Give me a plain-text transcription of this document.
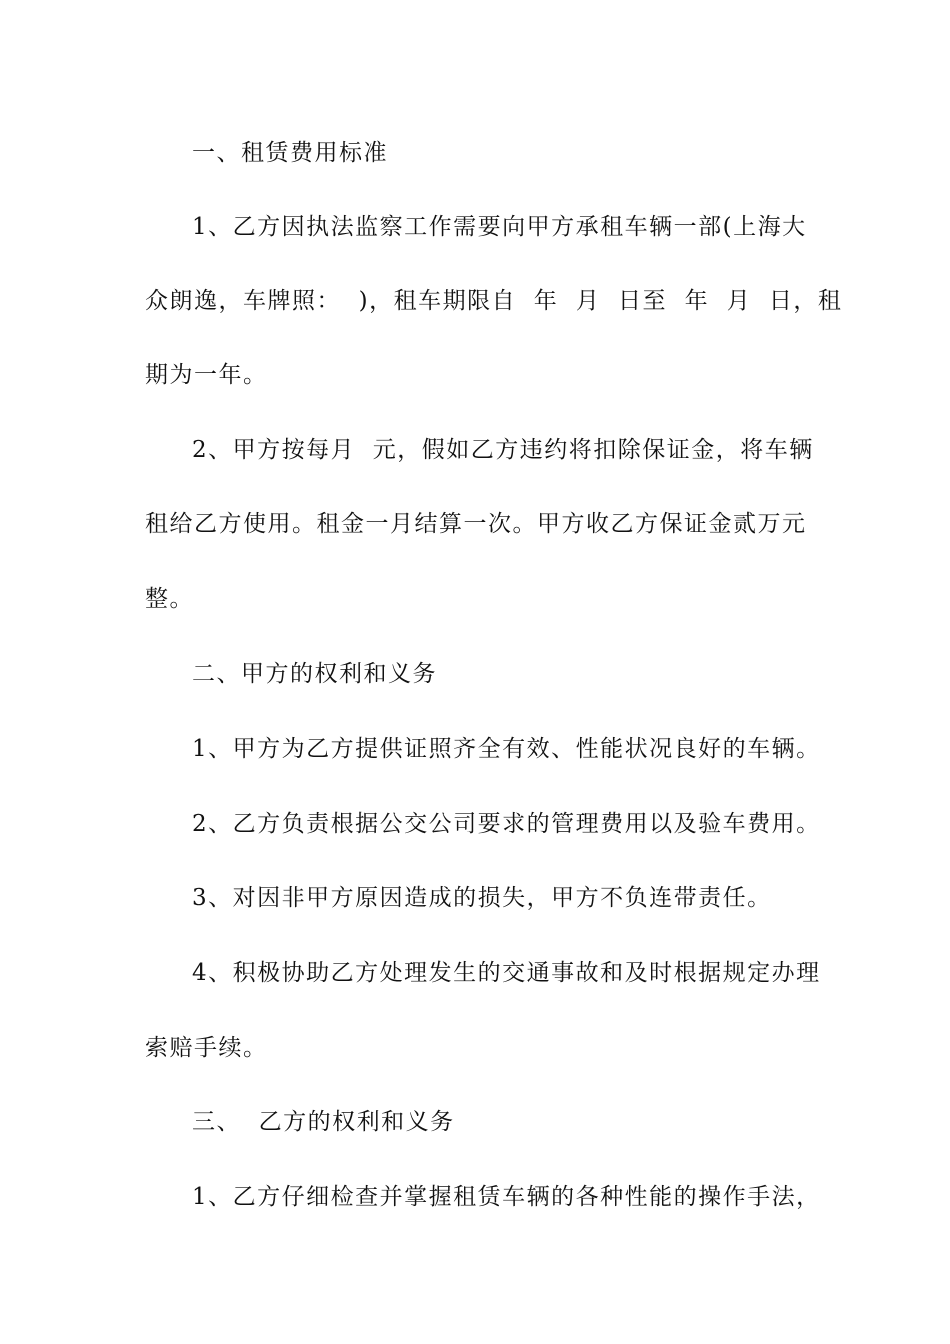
一、租赁费用标准
1、乙方因执法监察工作需要向甲方承租车辆一部(上海大
众朗逸，车牌照：  )，租车期限自  年  月  日至  年  月  日，租
期为一年。
2、甲方按每月  元，假如乙方违约将扣除保证金，将车辆
租给乙方使用。租金一月结算一次。甲方收乙方保证金贰万元
整。
二、甲方的权利和义务
1、甲方为乙方提供证照齐全有效、性能状况良好的车辆。
2、乙方负责根据公交公司要求的管理费用以及验车费用。
3、对因非甲方原因造成的损失，甲方不负连带责任。
4、积极协助乙方处理发生的交通事故和及时根据规定办理
索赔手续。
三、  乙方的权利和义务
1、乙方仔细检查并掌握租赁车辆的各种性能的操作手法，
